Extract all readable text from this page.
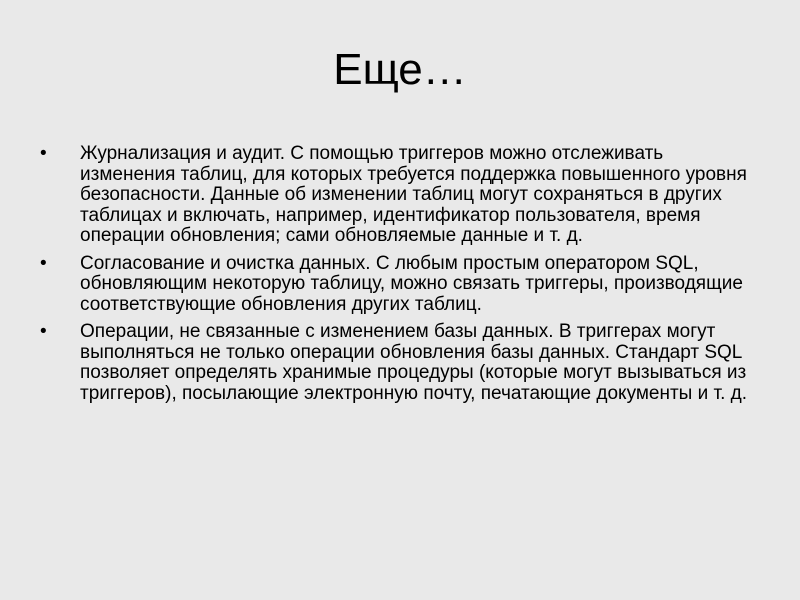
Еще…
•	Журнализация и аудит. С помощью триггеров можно отслеживать изменения таблиц, для которых требуется поддержка повышенного уровня безопасности. Данные об изменении таблиц могут сохраняться в других таблицах и включать, например, идентификатор пользователя, время операции обновления; сами обновляемые данные и т. д.
•	Согласование и очистка данных. С любым простым оператором SQL, обновляющим некоторую таблицу, можно связать триггеры, производящие соответствующие обновления других таблиц.
•	Операции, не связанные с изменением базы данных. В триггерах могут выполняться не только операции обновления базы данных. Стандарт SQL позволяет определять хранимые процедуры (которые могут вызываться из триггеров), посылающие электронную почту, печатающие документы и т. д.
